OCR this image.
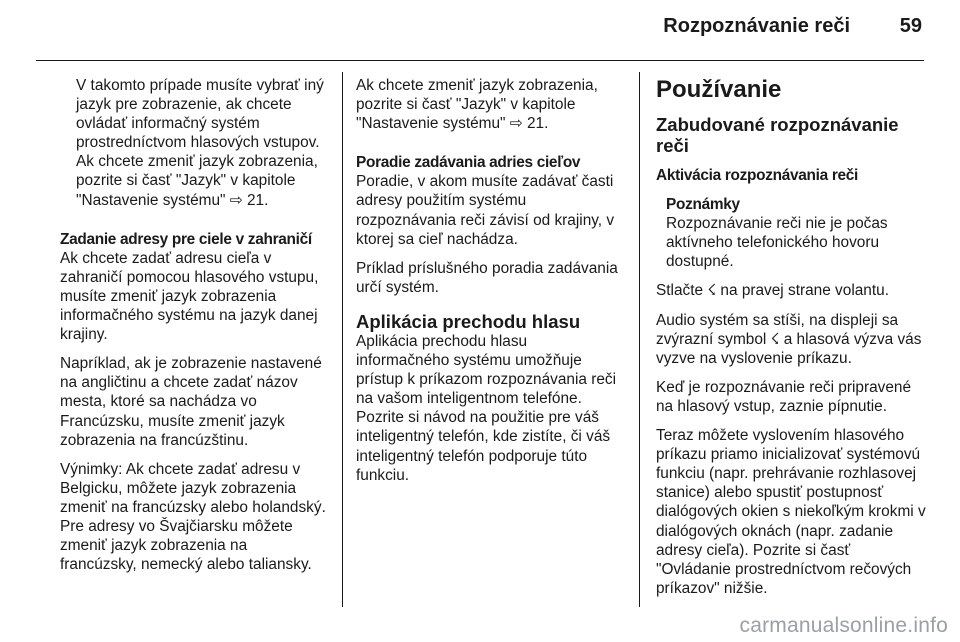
Rozpoznávanie reči 59

V takomto prípade musíte vybrať iný jazyk pre zobrazenie, ak chcete ovládať informačný systém prostredníctvom hlasových vstupov. Ak chcete zmeniť jazyk zobrazenia, pozrite si časť "Jazyk" v kapitole "Nastavenie systému" ⇨ 21.

Zadanie adresy pre ciele v zahraničí

Ak chcete zadať adresu cieľa v zahraničí pomocou hlasového vstupu, musíte zmeniť jazyk zobrazenia informačného systému na jazyk danej krajiny.

Napríklad, ak je zobrazenie nastavené na angličtinu a chcete zadať názov mesta, ktoré sa nachádza vo Francúzsku, musíte zmeniť jazyk zobrazenia na francúzštinu.

Výnimky: Ak chcete zadať adresu v Belgicku, môžete jazyk zobrazenia zmeniť na francúzsky alebo holandský. Pre adresy vo Švajčiarsku môžete zmeniť jazyk zobrazenia na francúzsky, nemecký alebo taliansky.

Ak chcete zmeniť jazyk zobrazenia, pozrite si časť "Jazyk" v kapitole "Nastavenie systému" ⇨ 21.

Poradie zadávania adries cieľov

Poradie, v akom musíte zadávať časti adresy použitím systému rozpoznávania reči závisí od krajiny, v ktorej sa cieľ nachádza.

Príklad príslušného poradia zadávania určí systém.

Aplikácia prechodu hlasu

Aplikácia prechodu hlasu informačného systému umožňuje prístup k príkazom rozpoznávania reči na vašom inteligentnom telefóne. Pozrite si návod na použitie pre váš inteligentný telefón, kde zistíte, či váš inteligentný telefón podporuje túto funkciu.

Používanie
Zabudované rozpoznávanie reči
Aktivácia rozpoznávania reči
Poznámky
Rozpoznávanie reči nie je počas aktívneho telefonického hovoru dostupné.

Stlačte ☇ na pravej strane volantu.

Audio systém sa stíši, na displeji sa zvýrazní symbol ☇ a hlasová výzva vás vyzve na vyslovenie príkazu.

Keď je rozpoznávanie reči pripravené na hlasový vstup, zaznie pípnutie.

Teraz môžete vyslovením hlasového príkazu priamo inicializovať systémovú funkciu (napr. prehrávanie rozhlasovej stanice) alebo spustiť postupnosť dialógových okien s niekoľkým krokmi v dialógových oknách (napr. zadanie adresy cieľa). Pozrite si časť "Ovládanie prostredníctvom rečových príkazov" nižšie.

carmanualsonline.info
